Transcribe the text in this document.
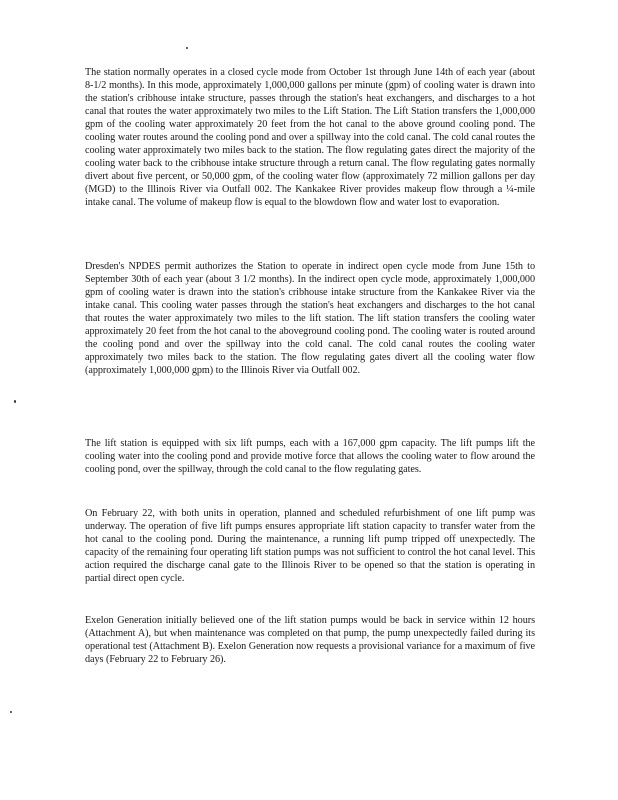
The station normally operates in a closed cycle mode from October 1st through June 14th of each year (about 8-1/2 months). In this mode, approximately 1,000,000 gallons per minute (gpm) of cooling water is drawn into the station's cribhouse intake structure, passes through the station's heat exchangers, and discharges to a hot canal that routes the water approximately two miles to the Lift Station. The Lift Station transfers the 1,000,000 gpm of the cooling water approximately 20 feet from the hot canal to the above ground cooling pond. The cooling water routes around the cooling pond and over a spillway into the cold canal. The cold canal routes the cooling water approximately two miles back to the station. The flow regulating gates direct the majority of the cooling water back to the cribhouse intake structure through a return canal. The flow regulating gates normally divert about five percent, or 50,000 gpm, of the cooling water flow (approximately 72 million gallons per day (MGD) to the Illinois River via Outfall 002. The Kankakee River provides makeup flow through a ¼-mile intake canal. The volume of makeup flow is equal to the blowdown flow and water lost to evaporation.

Dresden's NPDES permit authorizes the Station to operate in indirect open cycle mode from June 15th to September 30th of each year (about 3 1/2 months). In the indirect open cycle mode, approximately 1,000,000 gpm of cooling water is drawn into the station's cribhouse intake structure from the Kankakee River via the intake canal. This cooling water passes through the station's heat exchangers and discharges to the hot canal that routes the water approximately two miles to the lift station. The lift station transfers the cooling water approximately 20 feet from the hot canal to the aboveground cooling pond. The cooling water is routed around the cooling pond and over the spillway into the cold canal. The cold canal routes the cooling water approximately two miles back to the station. The flow regulating gates divert all the cooling water flow (approximately 1,000,000 gpm) to the Illinois River via Outfall 002.

The lift station is equipped with six lift pumps, each with a 167,000 gpm capacity. The lift pumps lift the cooling water into the cooling pond and provide motive force that allows the cooling water to flow around the cooling pond, over the spillway, through the cold canal to the flow regulating gates.

On February 22, with both units in operation, planned and scheduled refurbishment of one lift pump was underway. The operation of five lift pumps ensures appropriate lift station capacity to transfer water from the hot canal to the cooling pond. During the maintenance, a running lift pump tripped off unexpectedly. The capacity of the remaining four operating lift station pumps was not sufficient to control the hot canal level. This action required the discharge canal gate to the Illinois River to be opened so that the station is operating in partial direct open cycle.

Exelon Generation initially believed one of the lift station pumps would be back in service within 12 hours (Attachment A), but when maintenance was completed on that pump, the pump unexpectedly failed during its operational test (Attachment B). Exelon Generation now requests a provisional variance for a maximum of five days (February 22 to February 26).
